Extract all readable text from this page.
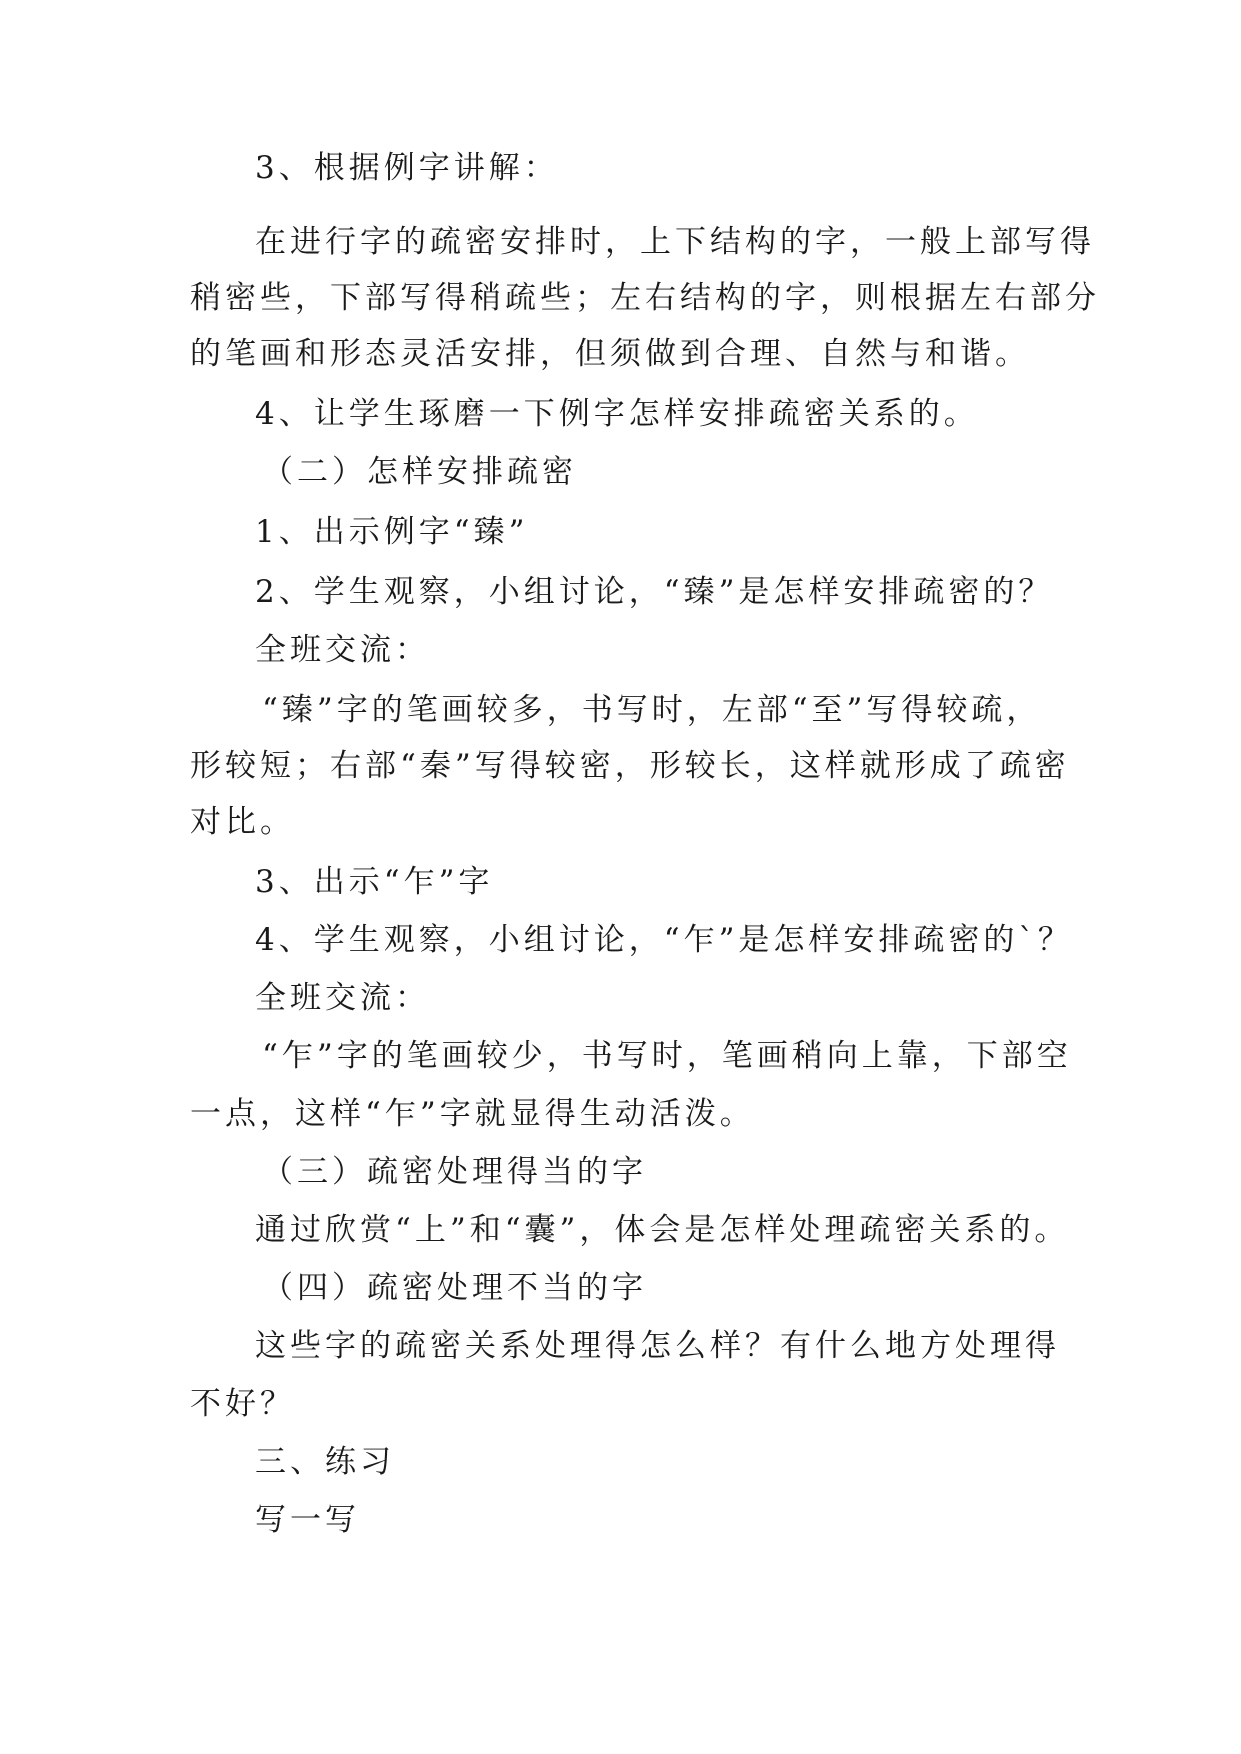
3、根据例字讲解：
在进行字的疏密安排时，上下结构的字，一般上部写得
稍密些，下部写得稍疏些；左右结构的字，则根据左右部分
的笔画和形态灵活安排，但须做到合理、自然与和谐。
4、让学生琢磨一下例字怎样安排疏密关系的。
（二）怎样安排疏密
1、出示例字“臻”
2、学生观察，小组讨论，“臻”是怎样安排疏密的？
全班交流：
“臻”字的笔画较多，书写时，左部“至”写得较疏，
形较短；右部“秦”写得较密，形较长，这样就形成了疏密
对比。
3、出示“乍”字
4、学生观察，小组讨论，“乍”是怎样安排疏密的`？
全班交流：
“乍”字的笔画较少，书写时，笔画稍向上靠，下部空
一点，这样“乍”字就显得生动活泼。
（三）疏密处理得当的字
通过欣赏“上”和“囊”，体会是怎样处理疏密关系的。
（四）疏密处理不当的字
这些字的疏密关系处理得怎么样？有什么地方处理得
不好？
三、练习
写一写
